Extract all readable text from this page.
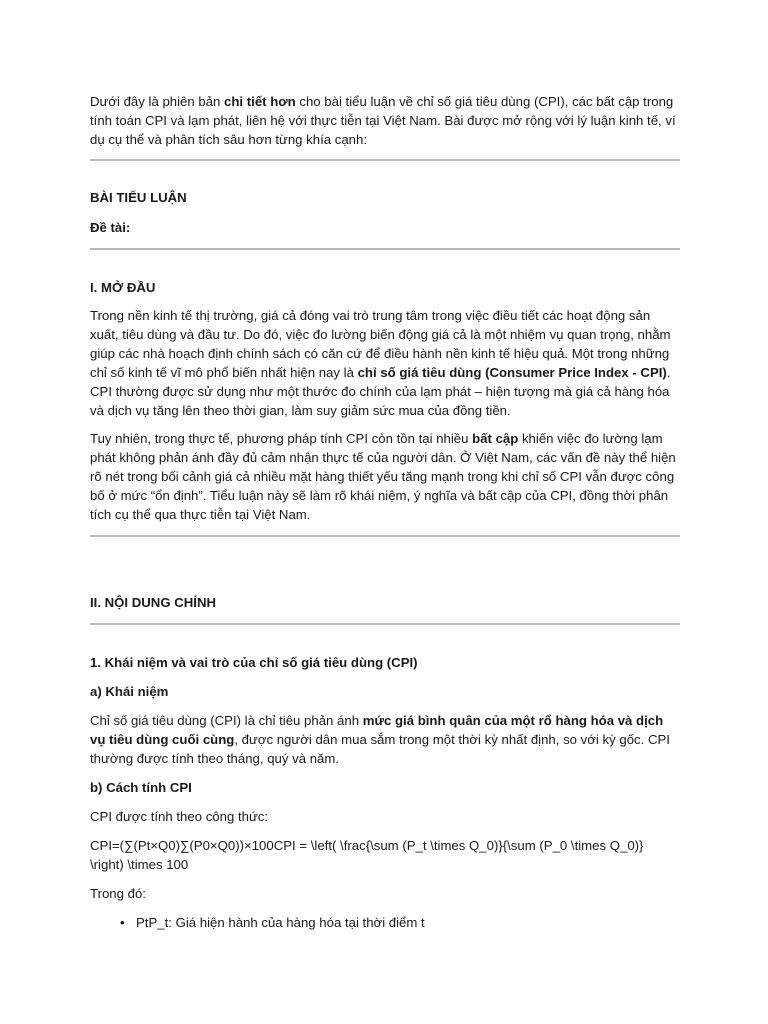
Dưới đây là phiên bản chi tiết hơn cho bài tiểu luận về chỉ số giá tiêu dùng (CPI), các bất cập trong tính toán CPI và lạm phát, liên hệ với thực tiễn tại Việt Nam. Bài được mở rộng với lý luận kinh tế, ví dụ cụ thể và phân tích sâu hơn từng khía cạnh:

BÀI TIỂU LUẬN

Đề tài:

I. MỞ ĐẦU

Trong nền kinh tế thị trường, giá cả đóng vai trò trung tâm trong việc điều tiết các hoạt động sản xuất, tiêu dùng và đầu tư. Do đó, việc đo lường biến động giá cả là một nhiệm vụ quan trọng, nhằm giúp các nhà hoạch định chính sách có căn cứ để điều hành nền kinh tế hiệu quả. Một trong những chỉ số kinh tế vĩ mô phổ biến nhất hiện nay là chỉ số giá tiêu dùng (Consumer Price Index - CPI). CPI thường được sử dụng như một thước đo chính của lạm phát – hiện tượng mà giá cả hàng hóa và dịch vụ tăng lên theo thời gian, làm suy giảm sức mua của đồng tiền.

Tuy nhiên, trong thực tế, phương pháp tính CPI còn tồn tại nhiều bất cập khiến việc đo lường lạm phát không phản ánh đầy đủ cảm nhận thực tế của người dân. Ở Việt Nam, các vấn đề này thể hiện rõ nét trong bối cảnh giá cả nhiều mặt hàng thiết yếu tăng mạnh trong khi chỉ số CPI vẫn được công bố ở mức “ổn định”. Tiểu luận này sẽ làm rõ khái niệm, ý nghĩa và bất cập của CPI, đồng thời phân tích cụ thể qua thực tiễn tại Việt Nam.

II. NỘI DUNG CHÍNH

1. Khái niệm và vai trò của chỉ số giá tiêu dùng (CPI)

a) Khái niệm

Chỉ số giá tiêu dùng (CPI) là chỉ tiêu phản ánh mức giá bình quân của một rổ hàng hóa và dịch vụ tiêu dùng cuối cùng, được người dân mua sắm trong một thời kỳ nhất định, so với kỳ gốc. CPI thường được tính theo tháng, quý và năm.

b) Cách tính CPI

CPI được tính theo công thức:

CPI=(∑(Pt×Q0)∑(P0×Q0))×100CPI = \left( \frac{\sum (P_t \times Q_0)}{\sum (P_0 \times Q_0)} \right) \times 100

Trong đó:

• PtP_t: Giá hiện hành của hàng hóa tại thời điểm t
